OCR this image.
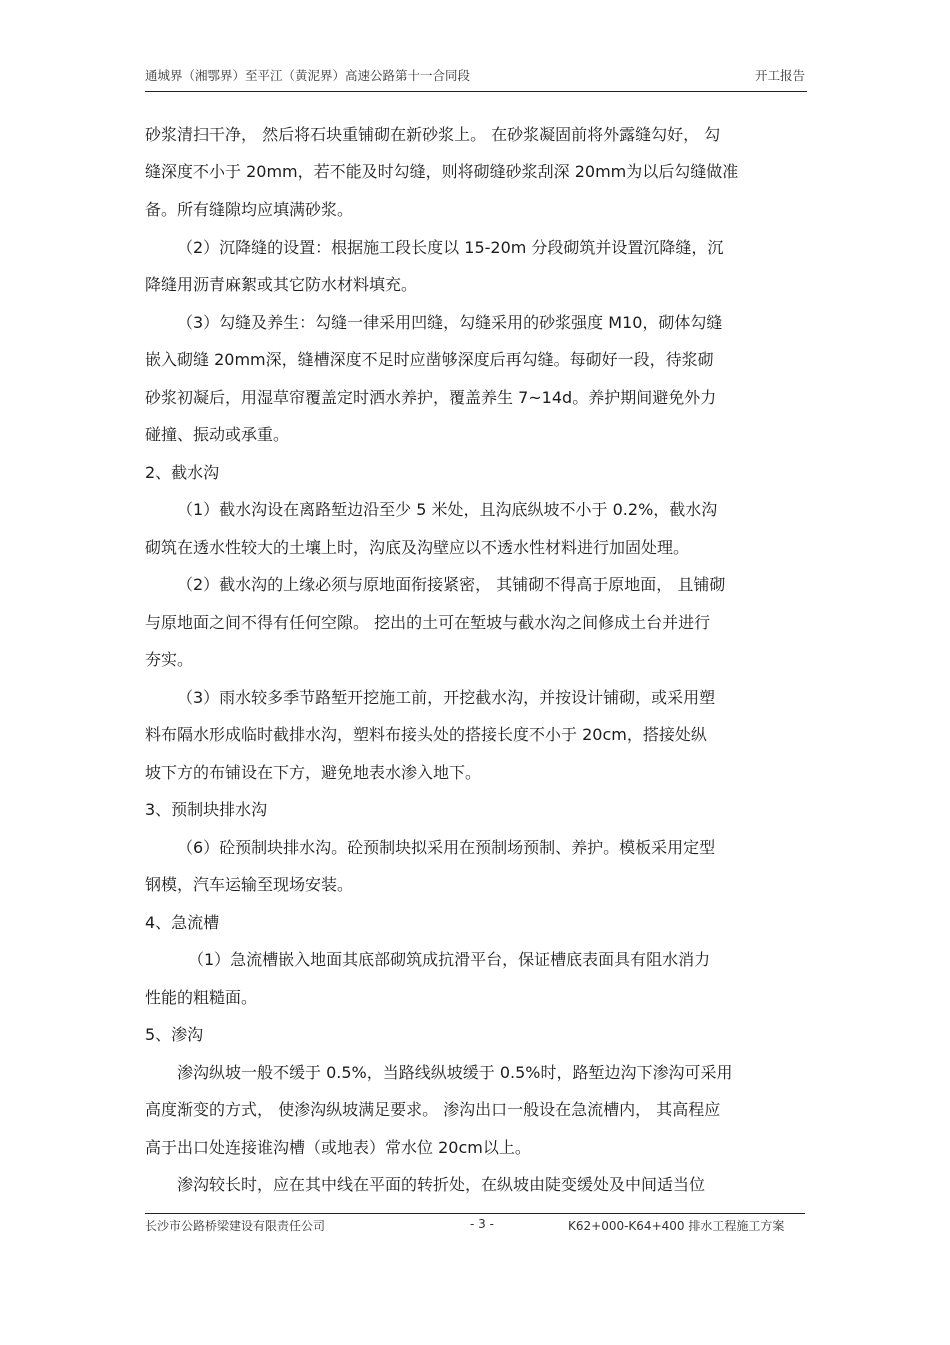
通城界（湘鄂界）至平江（黄泥界）高速公路第十一合同段	开工报告
砂浆清扫干净， 然后将石块重铺砌在新砂浆上。 在砂浆凝固前将外露缝勾好， 勾
缝深度不小于 20mm，若不能及时勾缝，则将砌缝砂浆刮深 20mm为以后勾缝做准
备。所有缝隙均应填满砂浆。
（2）沉降缝的设置：根据施工段长度以 15-20m 分段砌筑并设置沉降缝，沉
降缝用沥青麻絮或其它防水材料填充。
（3）勾缝及养生：勾缝一律采用凹缝，勾缝采用的砂浆强度 M10，砌体勾缝
嵌入砌缝 20mm深，缝槽深度不足时应凿够深度后再勾缝。每砌好一段，待浆砌
砂浆初凝后，用湿草帘覆盖定时洒水养护，覆盖养生 7~14d。养护期间避免外力
碰撞、振动或承重。
2、截水沟
（1）截水沟设在离路堑边沿至少 5 米处，且沟底纵坡不小于 0.2%，截水沟
砌筑在透水性较大的土壤上时，沟底及沟壁应以不透水性材料进行加固处理。
（2）截水沟的上缘必须与原地面衔接紧密， 其铺砌不得高于原地面， 且铺砌
与原地面之间不得有任何空隙。 挖出的土可在堑坡与截水沟之间修成土台并进行
夯实。
（3）雨水较多季节路堑开挖施工前，开挖截水沟，并按设计铺砌，或采用塑
料布隔水形成临时截排水沟，塑料布接头处的搭接长度不小于 20cm，搭接处纵
坡下方的布铺设在下方，避免地表水渗入地下。
3、预制块排水沟
（6）砼预制块排水沟。砼预制块拟采用在预制场预制、养护。模板采用定型
钢模，汽车运输至现场安装。
4、急流槽
（1）急流槽嵌入地面其底部砌筑成抗滑平台，保证槽底表面具有阻水消力
性能的粗糙面。
5、渗沟
渗沟纵坡一般不缓于 0.5%，当路线纵坡缓于 0.5%时，路堑边沟下渗沟可采用
高度渐变的方式， 使渗沟纵坡满足要求。 渗沟出口一般设在急流槽内， 其高程应
高于出口处连接谁沟槽（或地表）常水位 20cm以上。
渗沟较长时，应在其中线在平面的转折处，在纵坡由陡变缓处及中间适当位
长沙市公路桥梁建设有限责任公司	- 3 -	K62+000-K64+400 排水工程施工方案
